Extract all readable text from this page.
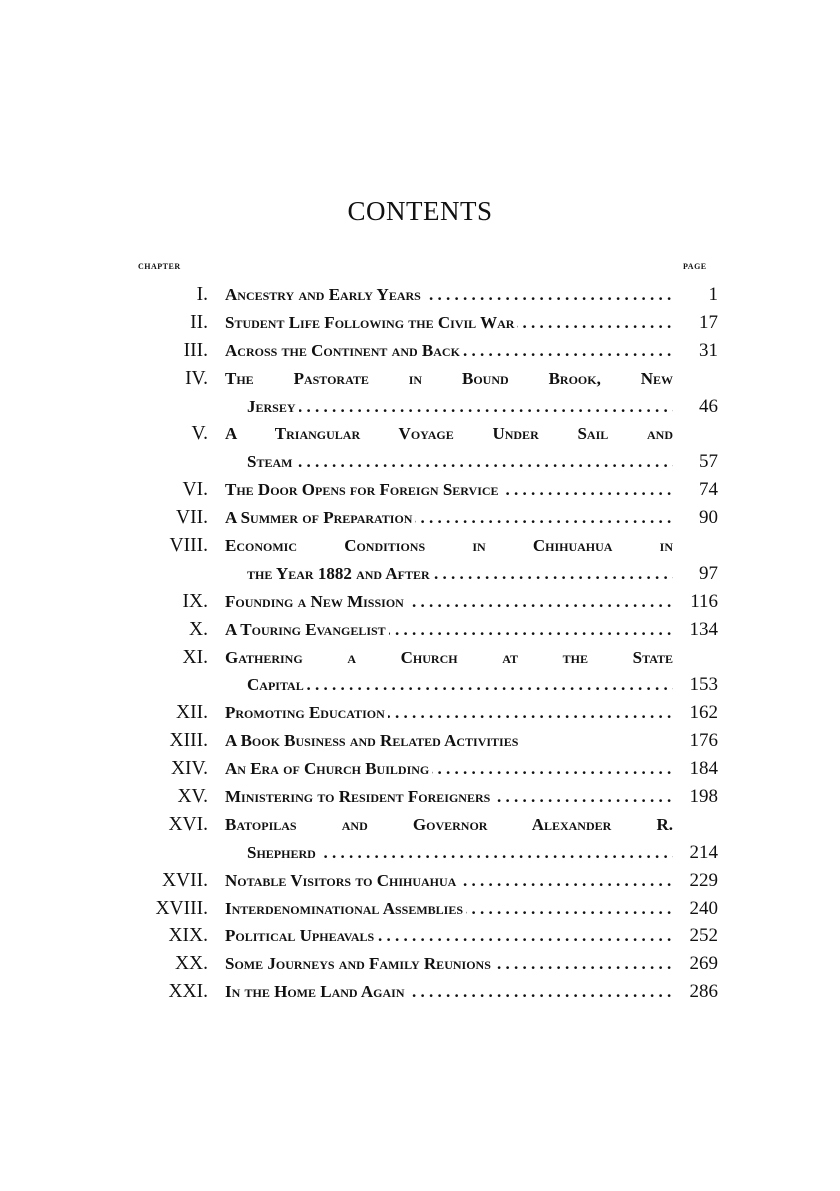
CONTENTS
CHAPTER	PAGE
I. Ancestry and Early Years . . .	1
II. Student Life Following the Civil War . . .	17
III. Across the Continent and Back . . .	31
IV. The Pastorate in Bound Brook, New
Jersey . . .	46
V. A Triangular Voyage Under Sail and
Steam . . .	57
VI. The Door Opens for Foreign Service . . .	74
VII. A Summer of Preparation . . .	90
VIII. Economic Conditions in Chihuahua in
the Year 1882 and After . . .	97
IX. Founding a New Mission . . .	116
X. A Touring Evangelist . . .	134
XI. Gathering a Church at the State
Capital . . .	153
XII. Promoting Education . . .	162
XIII. A Book Business and Related Activities	176
XIV. An Era of Church Building . . .	184
XV. Ministering to Resident Foreigners . . .	198
XVI. Batopilas and Governor Alexander R.
Shepherd . . .	214
XVII. Notable Visitors to Chihuahua . . .	229
XVIII. Interdenominational Assemblies . . .	240
XIX. Political Upheavals . . .	252
XX. Some Journeys and Family Reunions . . .	269
XXI. In the Home Land Again . . .	286
